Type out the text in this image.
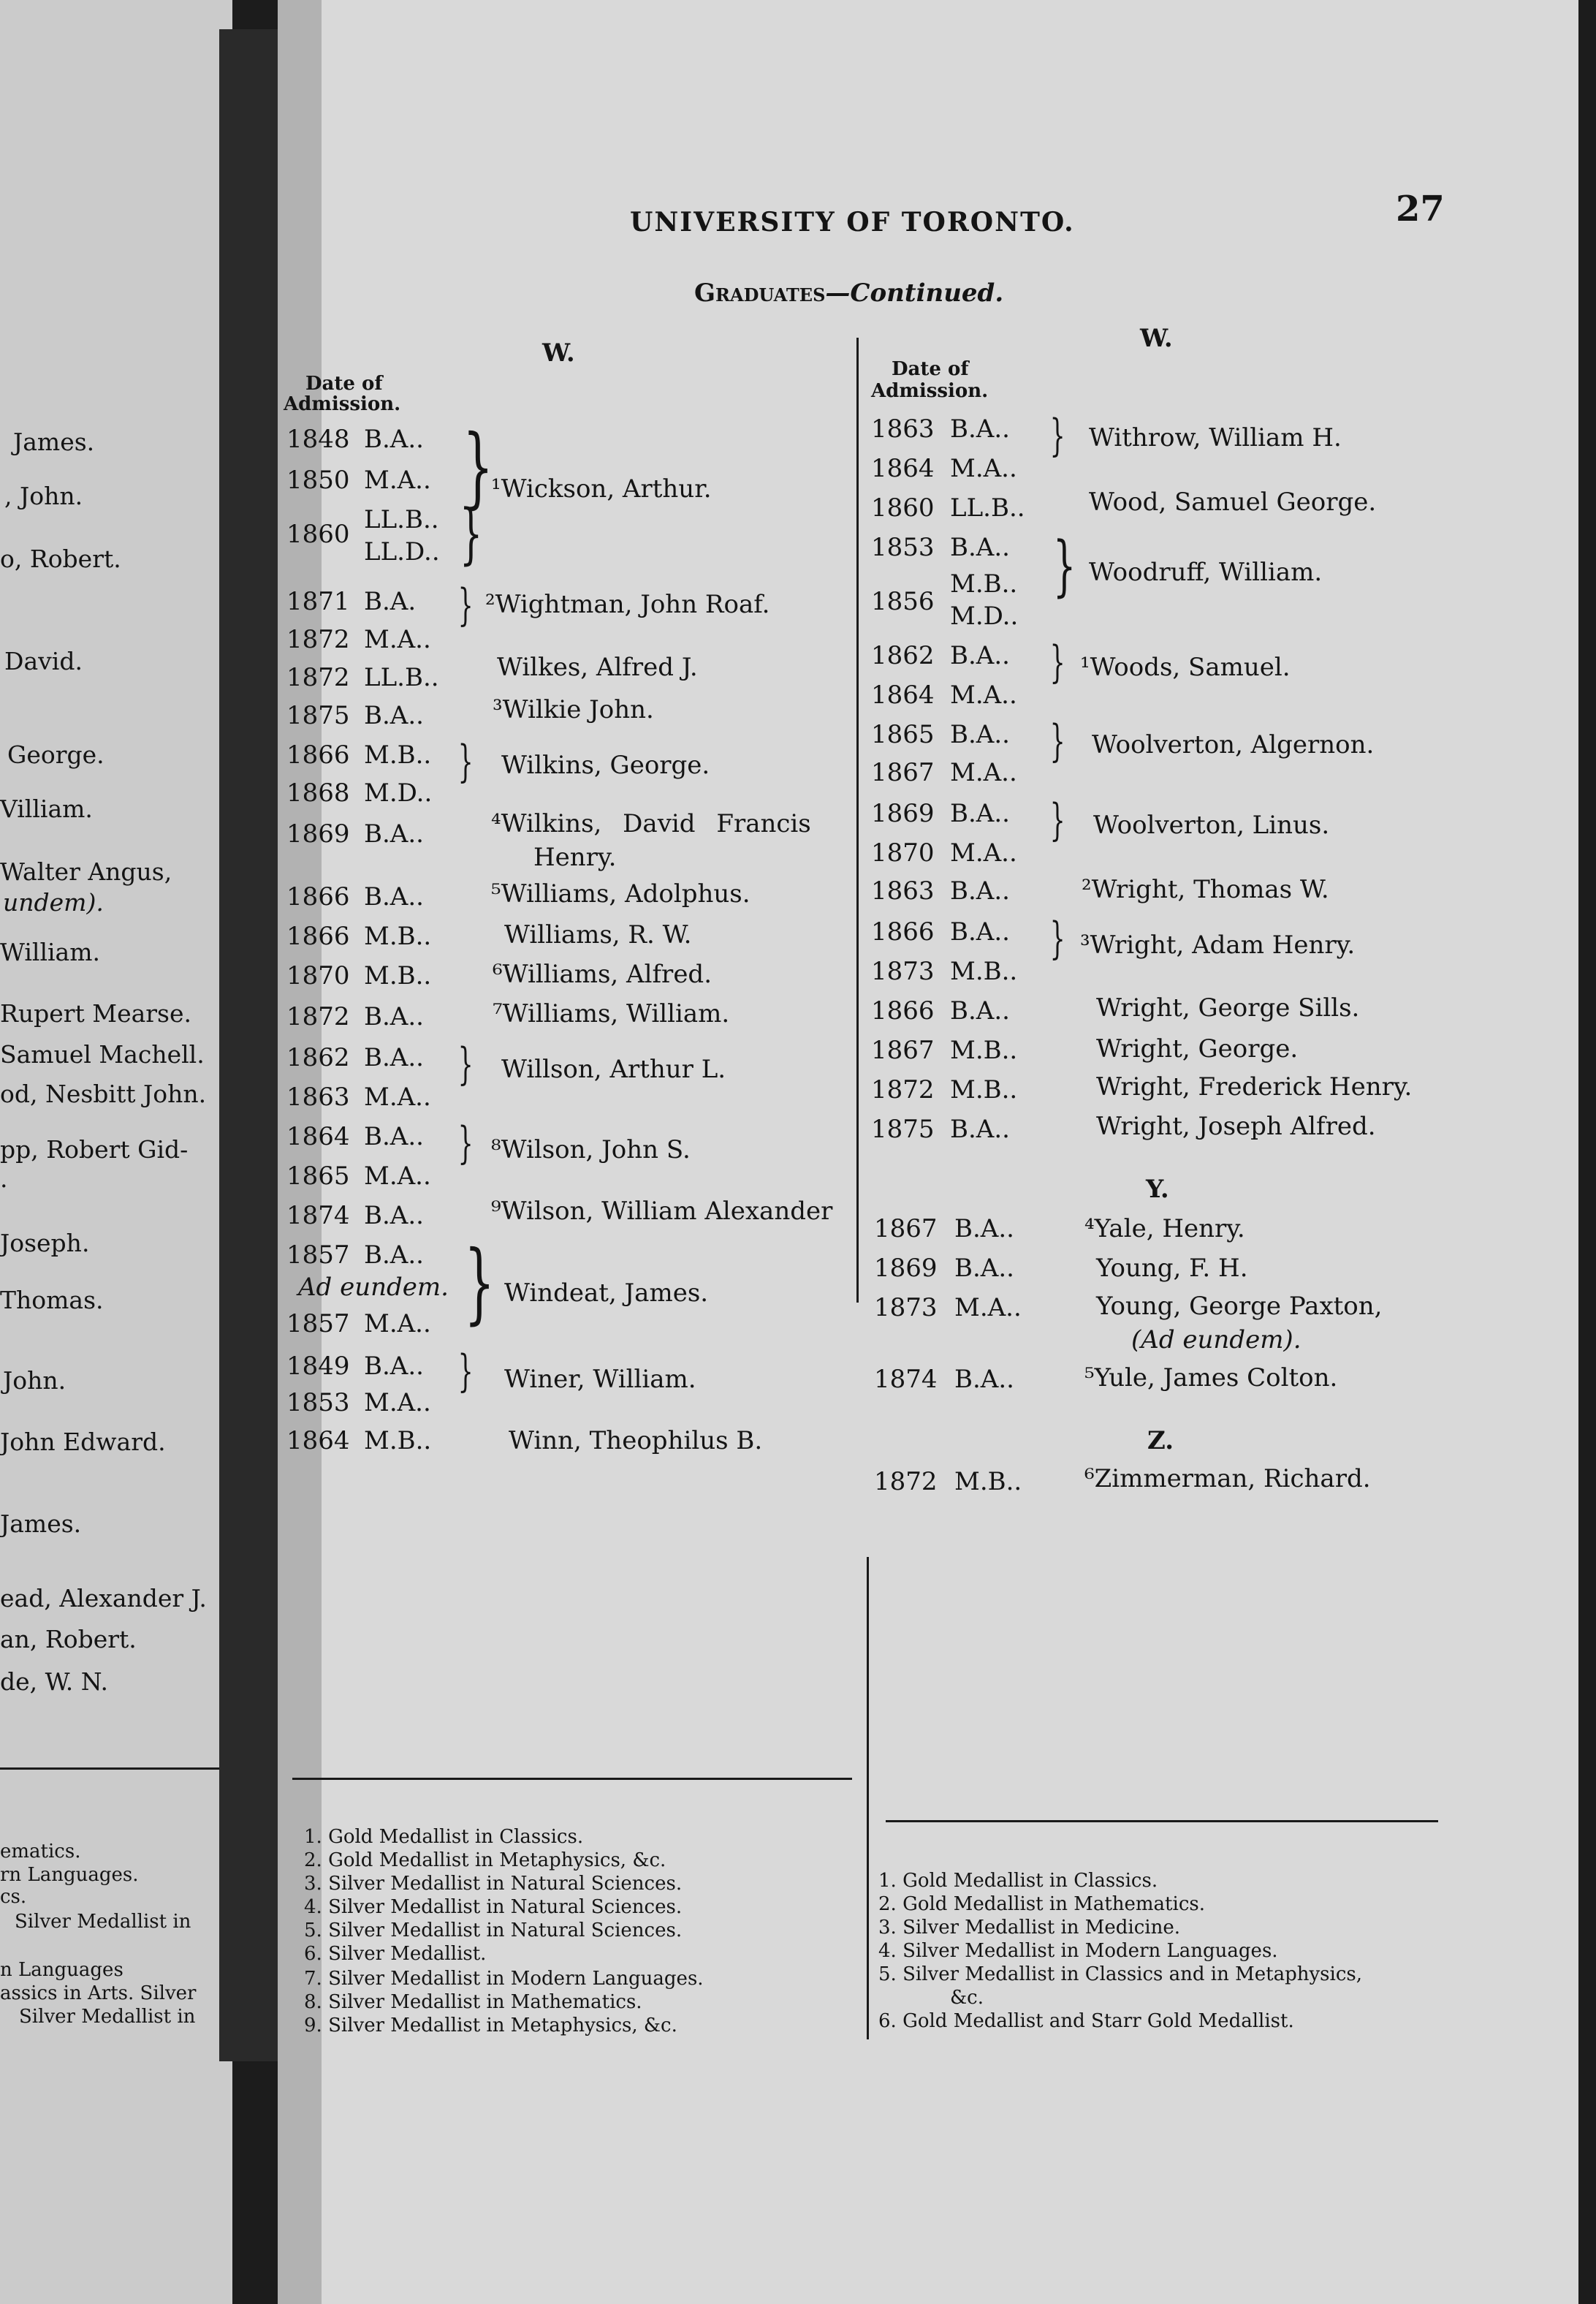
James.
, John.
o, Robert.
David.
George.
Villiam.
Walter Angus,
undem).
William.
Rupert Mearse.
Samuel Machell.
od, Nesbitt John.
pp, Robert Gid-
.
Joseph.
Thomas.
John.
John Edward.
James.
ead, Alexander J.
an, Robert.
de, W. N.
ematics.
rn Languages.
cs.
Silver Medallist in
n Languages
assics in Arts. Silver
Silver Medallist in
UNIVERSITY OF TORONTO.	27
Graduates—Continued.
W.
Date of
Admission.
1848 B.A..
1850 M.A..
1860 LL.B..
LL.D..
1871 B.A.
1872 M.A..
1872 LL.B..
1875 B.A..
1866 M.B..
1868 M.D..
1869 B.A..
1866 B.A..
1866 M.B..
1870 M.B..
1872 B.A..
1862 B.A..
1863 M.A..
1864 B.A..
1865 M.A..
1874 B.A..
1857 B.A..
Ad eundem.
1857 M.A..
1849 B.A..
1853 M.A..
1864 M.B..
}
}
}
}
}
}
}
}
¹Wickson, Arthur.
²Wightman, John Roaf.
Wilkes, Alfred J.
³Wilkie John.
Wilkins, George.
⁴Wilkins, David Francis
Henry.
⁵Williams, Adolphus.
Williams, R. W.
⁶Williams, Alfred.
⁷Williams, William.
Willson, Arthur L.
⁸Wilson, John S.
⁹Wilson, William Alexander
Windeat, James.
Winer, William.
Winn, Theophilus B.
1. Gold Medallist in Classics.
2. Gold Medallist in Metaphysics, &c.
3. Silver Medallist in Natural Sciences.
4. Silver Medallist in Natural Sciences.
5. Silver Medallist in Natural Sciences.
6. Silver Medallist.
7. Silver Medallist in Modern Languages.
8. Silver Medallist in Mathematics.
9. Silver Medallist in Metaphysics, &c.
W.
Date of
Admission.
1863 B.A..
1864 M.A..
1860 LL.B..
1853 B.A..
1856
M.B..
M.D..
1862 B.A..
1864 M.A..
1865 B.A..
1867 M.A..
1869 B.A..
1870 M.A..
1863 B.A..
1866 B.A..
1873 M.B..
1866 B.A..
1867 M.B..
1872 M.B..
1875 B.A..
1867 B.A..
1869 B.A..
1873 M.A..
1874 B.A..
1872 M.B..
}
}
}
}
}
}
Withrow, William H.
Wood, Samuel George.
Woodruff, William.
¹Woods, Samuel.
Woolverton, Algernon.
Woolverton, Linus.
²Wright, Thomas W.
³Wright, Adam Henry.
Wright, George Sills.
Wright, George.
Wright, Frederick Henry.
Wright, Joseph Alfred.
Y.
⁴Yale, Henry.
Young, F. H.
Young, George Paxton,
(Ad eundem).
⁵Yule, James Colton.
Z.
⁶Zimmerman, Richard.
1. Gold Medallist in Classics.
2. Gold Medallist in Mathematics.
3. Silver Medallist in Medicine.
4. Silver Medallist in Modern Languages.
5. Silver Medallist in Classics and in Metaphysics,
&c.
6. Gold Medallist and Starr Gold Medallist.
